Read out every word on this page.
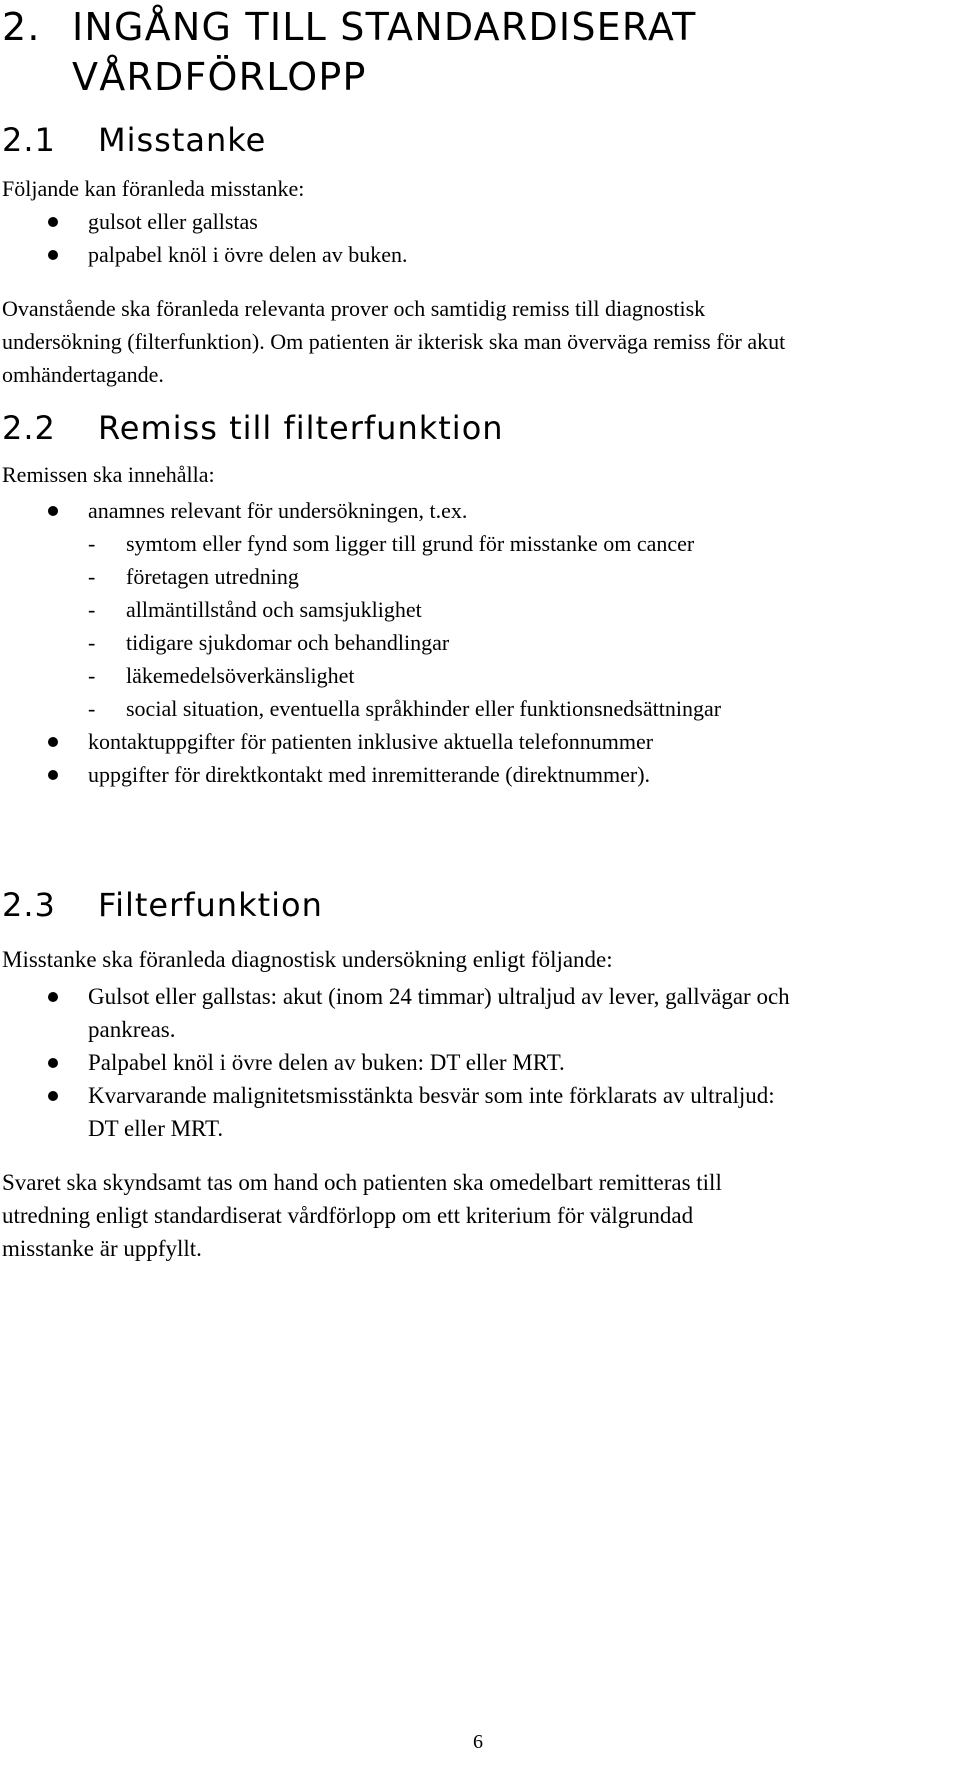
2. INGÅNG TILL STANDARDISERAT
VÅRDFÖRLOPP
2.1 Misstanke

Följande kan föranleda misstanke:

gulsot eller gallstas
palpabel knöl i övre delen av buken.

Ovanstående ska föranleda relevanta prover och samtidig remiss till diagnostisk

undersökning (filterfunktion). Om patienten är ikterisk ska man överväga remiss för akut

omhändertagande.

2.2 Remiss till filterfunktion

Remissen ska innehålla:

anamnes relevant för undersökningen, t.ex.
- symtom eller fynd som ligger till grund för misstanke om cancer
- företagen utredning
- allmäntillstånd och samsjuklighet
- tidigare sjukdomar och behandlingar
- läkemedelsöverkänslighet
- social situation, eventuella språkhinder eller funktionsnedsättningar
kontaktuppgifter för patienten inklusive aktuella telefonnummer
uppgifter för direktkontakt med inremitterande (direktnummer).
2.3 Filterfunktion

Misstanke ska föranleda diagnostisk undersökning enligt följande:

Gulsot eller gallstas: akut (inom 24 timmar) ultraljud av lever, gallvägar och
pankreas.
Palpabel knöl i övre delen av buken: DT eller MRT.
Kvarvarande malignitetsmisstänkta besvär som inte förklarats av ultraljud:
DT eller MRT.

Svaret ska skyndsamt tas om hand och patienten ska omedelbart remitteras till

utredning enligt standardiserat vårdförlopp om ett kriterium för välgrundad

misstanke är uppfyllt.

6
